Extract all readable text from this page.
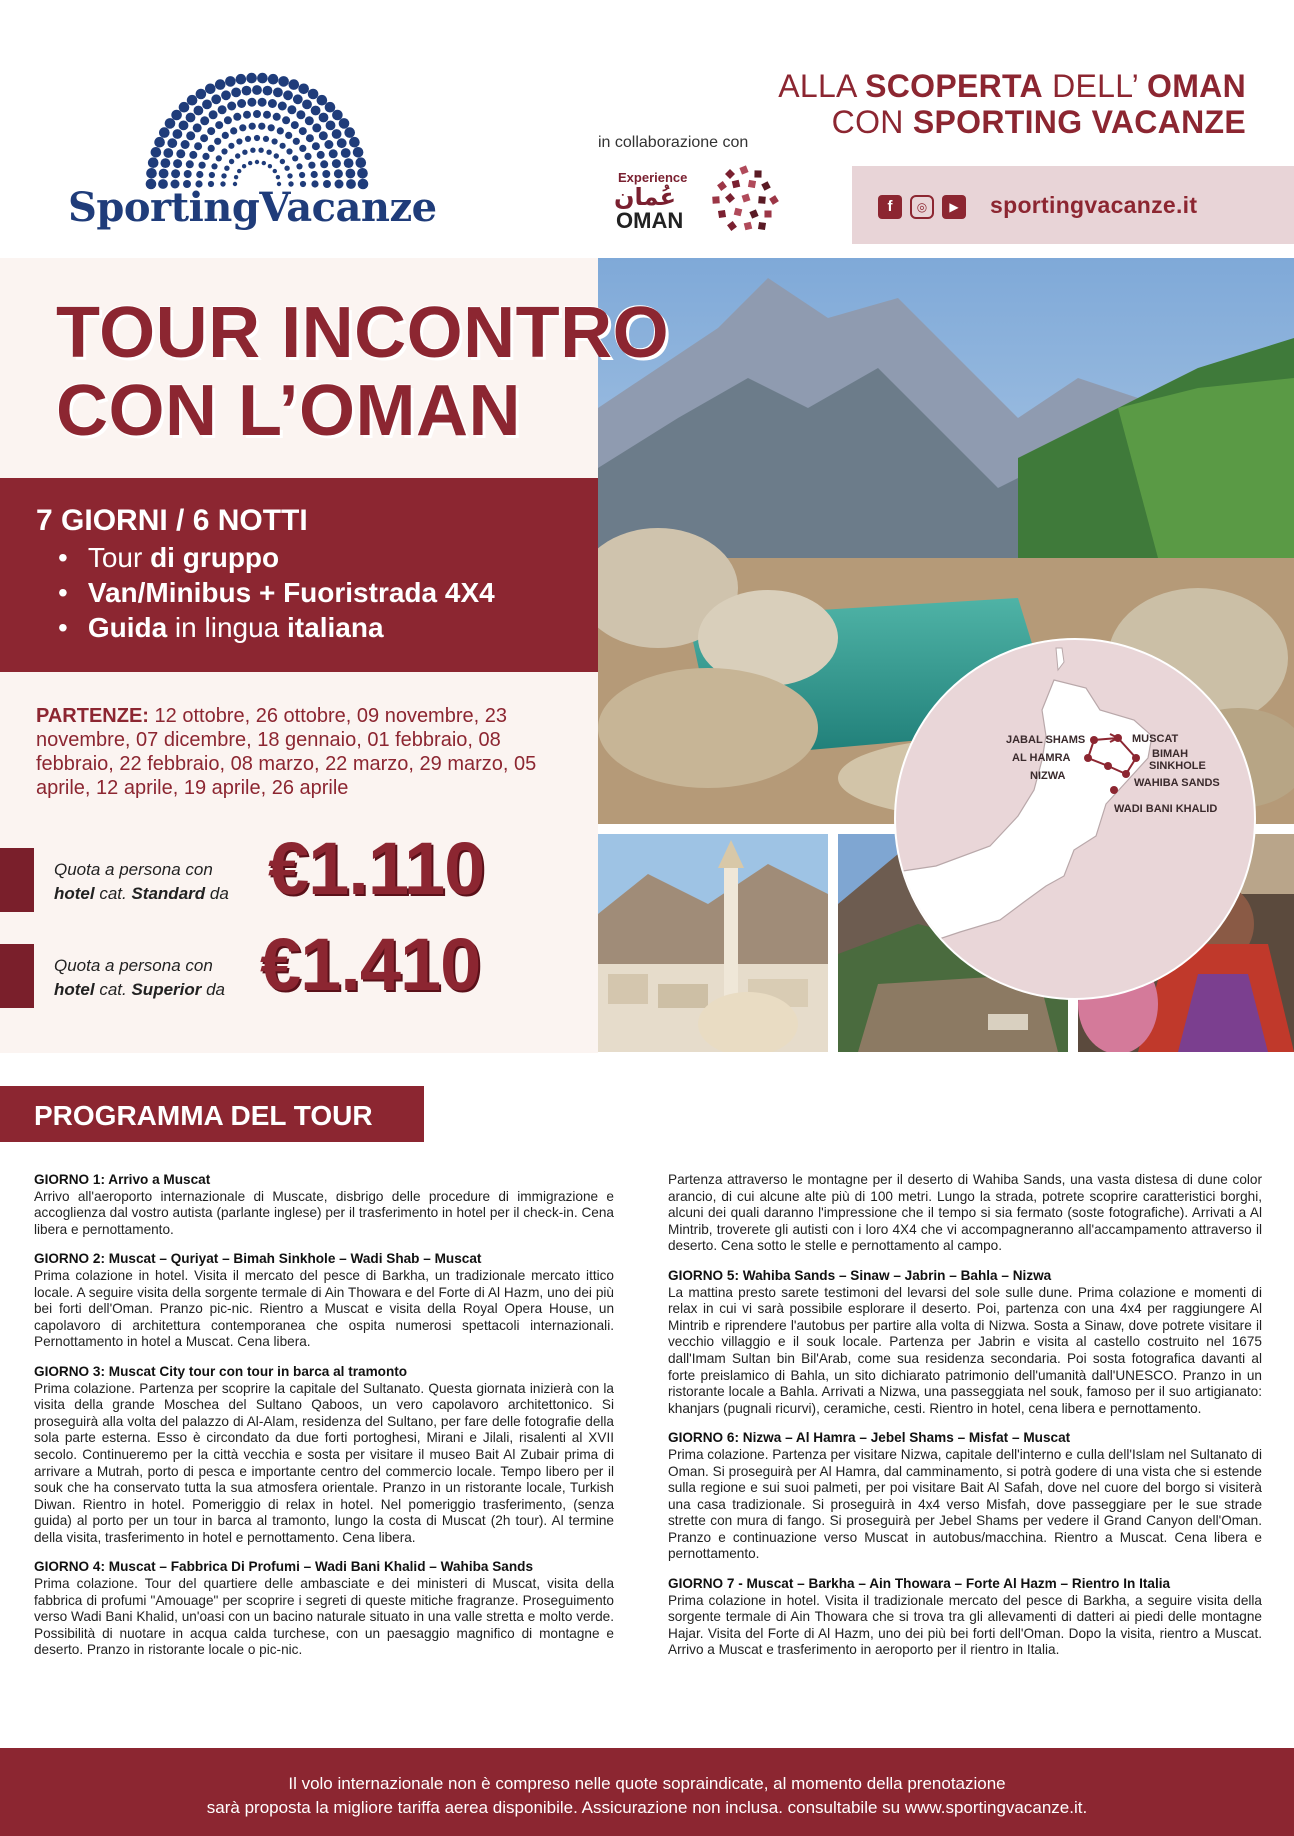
SportingVacanze
in collaborazione con
Experience
عُمان
OMAN
ALLA SCOPERTA DELL’ OMAN
CON SPORTING VACANZE
f	◎	▶	sportingvacanze.it
TOUR INCONTRO
CON L’OMAN
7 GIORNI / 6 NOTTI
• Tour di gruppo
• Van/Minibus + Fuoristrada 4X4
• Guida in lingua italiana
PARTENZE: 12 ottobre, 26 ottobre, 09 novembre, 23 novembre, 07 dicembre, 18 gennaio, 01 febbraio, 08 febbraio, 22 febbraio, 08 marzo, 22 marzo, 29 marzo, 05 aprile, 12 aprile, 19 aprile, 26 aprile
Quota a persona con
hotel cat. Standard da €1.110
Quota a persona con
hotel cat. Superior da €1.410
JABAL SHAMS
AL HAMRA
NIZWA
MUSCAT
BIMAH
SINKHOLE
WAHIBA SANDS
WADI BANI KHALID
PROGRAMMA DEL TOUR
GIORNO 1: Arrivo a Muscat

Arrivo all'aeroporto internazionale di Muscate, disbrigo delle procedure di immigrazione e accoglienza dal vostro autista (parlante inglese) per il trasferimento in hotel per il check-in. Cena libera e pernottamento.

GIORNO 2: Muscat – Quriyat – Bimah Sinkhole – Wadi Shab – Muscat

Prima colazione in hotel. Visita il mercato del pesce di Barkha, un tradizionale mercato ittico locale. A seguire visita della sorgente termale di Ain Thowara e del Forte di Al Hazm, uno dei più bei forti dell'Oman. Pranzo pic-nic. Rientro a Muscat e visita della Royal Opera House, un capolavoro di architettura contemporanea che ospita numerosi spettacoli internazionali. Pernottamento in hotel a Muscat. Cena libera.

GIORNO 3: Muscat City tour con tour in barca al tramonto

Prima colazione. Partenza per scoprire la capitale del Sultanato. Questa giornata inizierà con la visita della grande Moschea del Sultano Qaboos, un vero capolavoro architettonico. Si proseguirà alla volta del palazzo di Al-Alam, residenza del Sultano, per fare delle fotografie della sola parte esterna. Esso è circondato da due forti portoghesi, Mirani e Jilali, risalenti al XVII secolo. Continueremo per la città vecchia e sosta per visitare il museo Bait Al Zubair prima di arrivare a Mutrah, porto di pesca e importante centro del commercio locale. Tempo libero per il souk che ha conservato tutta la sua atmosfera orientale. Pranzo in un ristorante locale, Turkish Diwan. Rientro in hotel. Pomeriggio di relax in hotel. Nel pomeriggio trasferimento, (senza guida) al porto per un tour in barca al tramonto, lungo la costa di Muscat (2h tour). Al termine della visita, trasferimento in hotel e pernottamento. Cena libera.

GIORNO 4: Muscat – Fabbrica Di Profumi – Wadi Bani Khalid – Wahiba Sands

Prima colazione. Tour del quartiere delle ambasciate e dei ministeri di Muscat, visita della fabbrica di profumi "Amouage" per scoprire i segreti di queste mitiche fragranze. Proseguimento verso Wadi Bani Khalid, un'oasi con un bacino naturale situato in una valle stretta e molto verde. Possibilità di nuotare in acqua calda turchese, con un paesaggio magnifico di montagne e deserto. Pranzo in ristorante locale o pic-nic.

Partenza attraverso le montagne per il deserto di Wahiba Sands, una vasta distesa di dune color arancio, di cui alcune alte più di 100 metri. Lungo la strada, potrete scoprire caratteristici borghi, alcuni dei quali daranno l'impressione che il tempo si sia fermato (soste fotografiche). Arrivati a Al Mintrib, troverete gli autisti con i loro 4X4 che vi accompagneranno all'accampamento attraverso il deserto. Cena sotto le stelle e pernottamento al campo.

GIORNO 5: Wahiba Sands – Sinaw – Jabrin – Bahla – Nizwa

La mattina presto sarete testimoni del levarsi del sole sulle dune. Prima colazione e momenti di relax in cui vi sarà possibile esplorare il deserto. Poi, partenza con una 4x4 per raggiungere Al Mintrib e riprendere l'autobus per partire alla volta di Nizwa. Sosta a Sinaw, dove potrete visitare il vecchio villaggio e il souk locale. Partenza per Jabrin e visita al castello costruito nel 1675 dall'Imam Sultan bin Bil'Arab, come sua residenza secondaria. Poi sosta fotografica davanti al forte preislamico di Bahla, un sito dichiarato patrimonio dell'umanità dall'UNESCO. Pranzo in un ristorante locale a Bahla. Arrivati a Nizwa, una passeggiata nel souk, famoso per il suo artigianato: khanjars (pugnali ricurvi), ceramiche, cesti. Rientro in hotel, cena libera e pernottamento.

GIORNO 6: Nizwa – Al Hamra – Jebel Shams – Misfat – Muscat

Prima colazione. Partenza per visitare Nizwa, capitale dell'interno e culla dell'Islam nel Sultanato di Oman. Si proseguirà per Al Hamra, dal camminamento, si potrà godere di una vista che si estende sulla regione e sui suoi palmeti, per poi visitare Bait Al Safah, dove nel cuore del borgo si visiterà una casa tradizionale. Si proseguirà in 4x4 verso Misfah, dove passeggiare per le sue strade strette con mura di fango. Si proseguirà per Jebel Shams per vedere il Grand Canyon dell'Oman. Pranzo e continuazione verso Muscat in autobus/macchina. Rientro a Muscat. Cena libera e pernottamento.

GIORNO 7 - Muscat – Barkha – Ain Thowara – Forte Al Hazm – Rientro In Italia

Prima colazione in hotel. Visita il tradizionale mercato del pesce di Barkha, a seguire visita della sorgente termale di Ain Thowara che si trova tra gli allevamenti di datteri ai piedi delle montagne Hajar. Visita del Forte di Al Hazm, uno dei più bei forti dell'Oman. Dopo la visita, rientro a Muscat. Arrivo a Muscat e trasferimento in aeroporto per il rientro in Italia.

Il volo internazionale non è compreso nelle quote sopraindicate, al momento della prenotazione
sarà proposta la migliore tariffa aerea disponibile. Assicurazione non inclusa. consultabile su www.sportingvacanze.it.
